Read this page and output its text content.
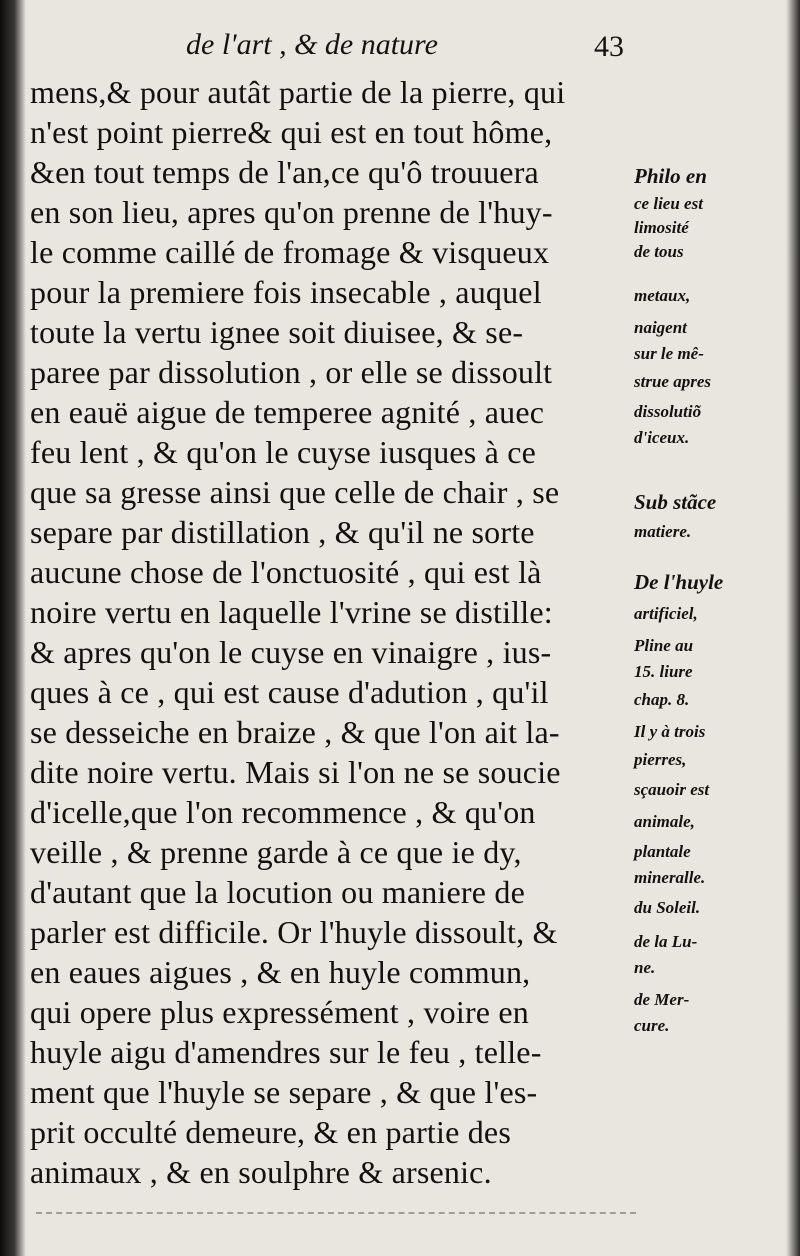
de l'art , & de nature	43
mens,& pour autât partie de la pierre, qui
n'est point pierre& qui est en tout hôme,
&en tout temps de l'an,ce qu'ô trouuera
en son lieu, apres qu'on prenne de l'huy-
le comme caillé de fromage & visqueux
pour la premiere fois insecable , auquel
toute la vertu ignee soit diuisee, & se-
paree par dissolution , or elle se dissoult
en eauë aigue de temperee agnité , auec
feu lent , & qu'on le cuyse iusques à ce
que sa gresse ainsi que celle de chair , se
separe par distillation , & qu'il ne sorte
aucune chose de l'onctuosité , qui est là
noire vertu en laquelle l'vrine se distille:
& apres qu'on le cuyse en vinaigre , ius-
ques à ce , qui est cause d'adution , qu'il
se desseiche en braize , & que l'on ait la-
dite noire vertu. Mais si l'on ne se soucie
d'icelle,que l'on recommence , & qu'on
veille , & prenne garde à ce que ie dy,
d'autant que la locution ou maniere de
parler est difficile. Or l'huyle dissoult, &
en eaues aigues , & en huyle commun,
qui opere plus expressément , voire en
huyle aigu d'amendres sur le feu , telle-
ment que l'huyle se separe , & que l'es-
prit occulté demeure, & en partie des
animaux , & en soulphre & arsenic.
Philo en
ce lieu est
limosité
de tous
metaux,
naigent
sur le mê-
strue apres
dissolutiõ
d'iceux.
Sub stãce
matiere.
De l'huyle
artificiel,
Pline au
15. liure
chap. 8.
Il y à trois
pierres,
sçauoir est
animale,
plantale
mineralle.
du Soleil.
de la Lu-
ne.
de Mer-
cure.
